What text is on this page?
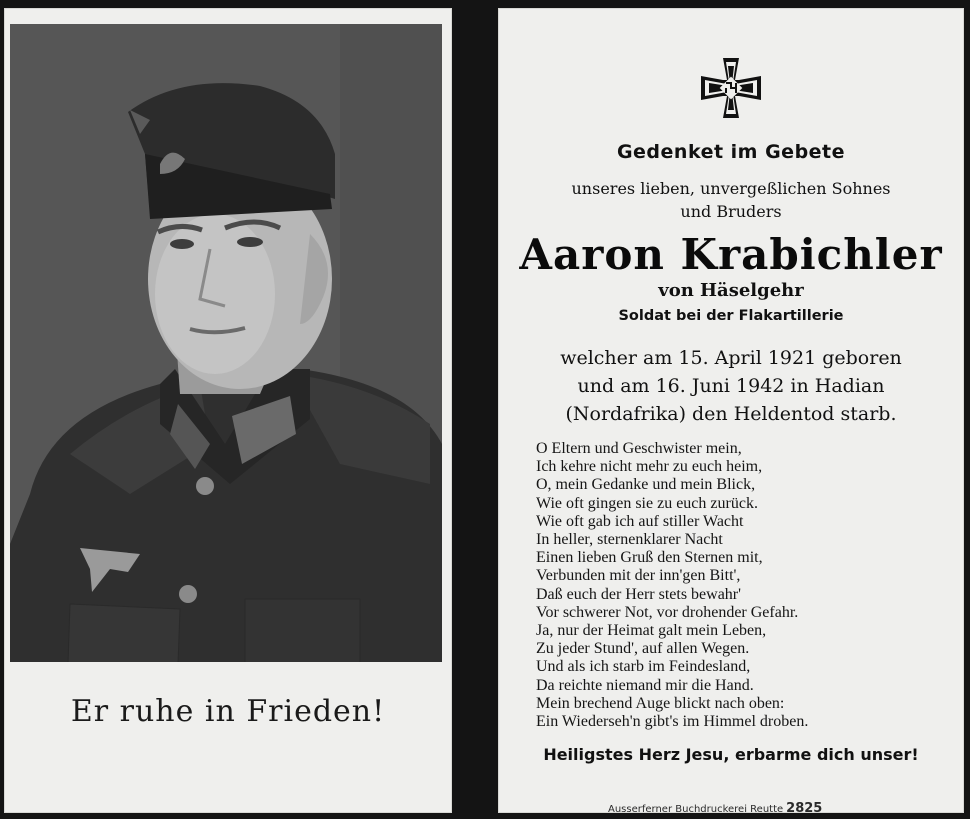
Er ruhe in Frieden!
Gedenket im Gebete
unseres lieben, unvergeßlichen Sohnes
und Bruders
Aaron Krabichler
von Häselgehr
Soldat bei der Flakartillerie
welcher am 15. April 1921 geboren
und am 16. Juni 1942 in Hadian
(Nordafrika) den Heldentod starb.
O Eltern und Geschwister mein,
Ich kehre nicht mehr zu euch heim,
O, mein Gedanke und mein Blick,
Wie oft gingen sie zu euch zurück.
Wie oft gab ich auf stiller Wacht
In heller, sternenklarer Nacht
Einen lieben Gruß den Sternen mit,
Verbunden mit der inn'gen Bitt',
Daß euch der Herr stets bewahr'
Vor schwerer Not, vor drohender Gefahr.
Ja, nur der Heimat galt mein Leben,
Zu jeder Stund', auf allen Wegen.
Und als ich starb im Feindesland,
Da reichte niemand mir die Hand.
Mein brechend Auge blickt nach oben:
Ein Wiederseh'n gibt's im Himmel droben.
Heiligstes Herz Jesu, erbarme dich unser!
Ausserferner Buchdruckerei Reutte 2825
